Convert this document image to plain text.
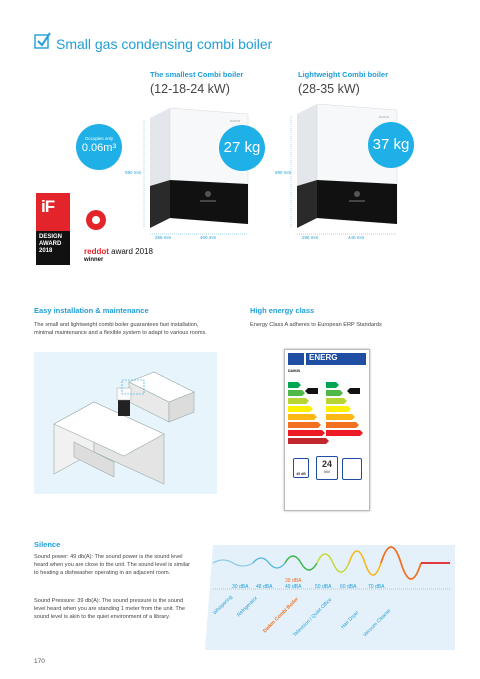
Small gas condensing combi boiler
The smallest Combi boiler
(12-18-24 kW)
DAIKIN
590 mm
266 mm	400 mm
Occupies only
0.06m³	27 kg
Lightweight Combi boiler
(28-35 kW)
DAIKIN
690 mm
295 mm	440 mm
37 kg
iF
DESIGN
AWARD
2018	reddot award 2018
winner
Easy installation & maintenance
The small and lightweight combi boiler guarantees fast installation, minimal maintenance and a flexible system to adapt to various rooms.
High energy class
Energy Class A adheres to European ERP Standards
ENERG
DAIKIN
49 dB
24
kW
Silence
Sound power: 49 db(A): The sound power is the sound level heard when you are close to the unit. The sound level is similar to heating a dishwasher operating in an adjacent room.
Sound Pressure: 39 db(A): The sound pressure is the sound level heard when you are standing 1 meter from the unit. The sound level is akin to the quiet environment of a library.
30 dBA 48 dBA
39 dBA
49 dBA	50 dBA 60 dBA 70 dBA
Whispering Refrigerator Daikin Combi Boiler
Television / Quiet Office Hair Dryer Vacuum Cleaner
170
